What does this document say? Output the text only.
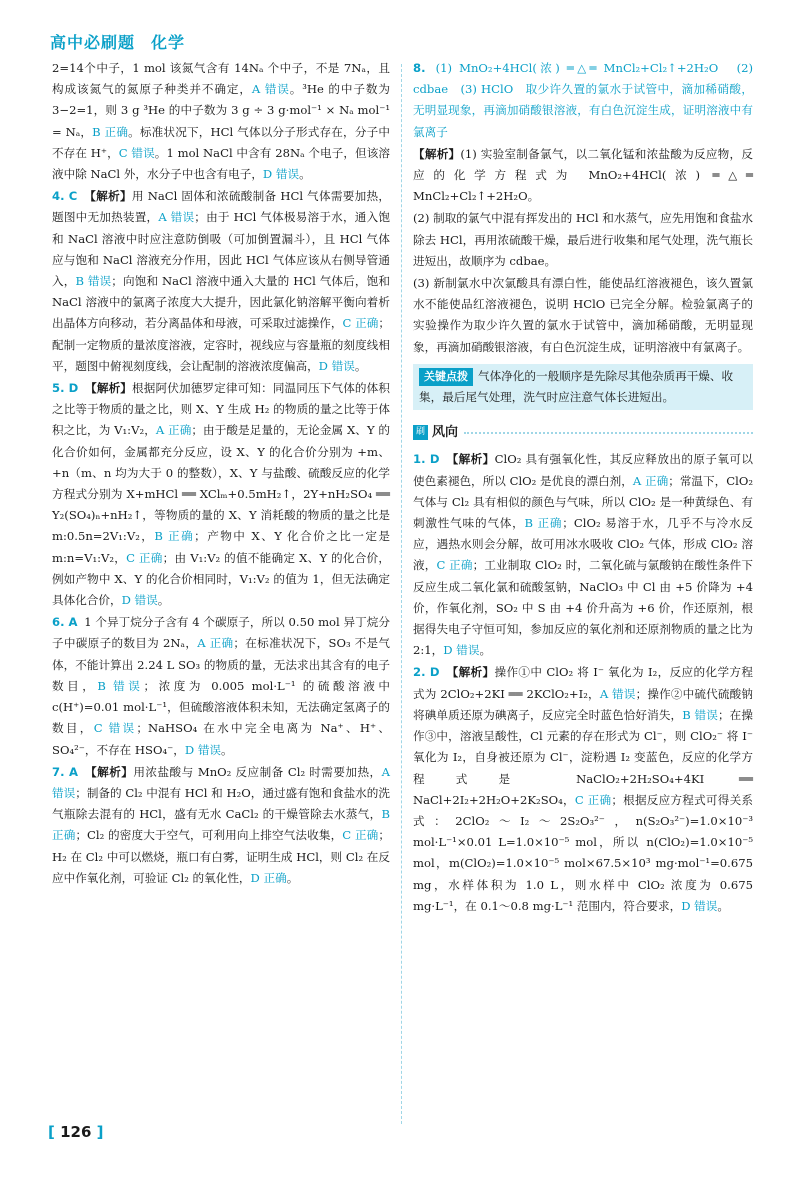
高中必刷题 化学

2=14个中子，1 mol 该氮气含有 14Nₐ 个中子，不是 7Nₐ，且构成该氮气的氮原子种类并不确定，A 错误。³He 的中子数为 3−2=1，则 3 g ³He 的中子数为 3 g ÷ 3 g·mol⁻¹ × Nₐ mol⁻¹ = Nₐ，B 正确。标准状况下，HCl 气体以分子形式存在，分子中不存在 H⁺，C 错误。1 mol NaCl 中含有 28Nₐ 个电子，但该溶液中除 NaCl 外，水分子中也含有电子，D 错误。

4. C 【解析】用 NaCl 固体和浓硫酸制备 HCl 气体需要加热，题图中无加热装置，A 错误；由于 HCl 气体极易溶于水，通入饱和 NaCl 溶液中时应注意防倒吸（可加倒置漏斗），且 HCl 气体应与饱和 NaCl 溶液充分作用，因此 HCl 气体应该从右侧导管通入，B 错误；向饱和 NaCl 溶液中通入大量的 HCl 气体后，饱和 NaCl 溶液中的氯离子浓度大大提升，因此氯化钠溶解平衡向着析出晶体方向移动，若分离晶体和母液，可采取过滤操作，C 正确；配制一定物质的量浓度溶液，定容时，视线应与容量瓶的刻度线相平，题图中俯视刻度线，会让配制的溶液浓度偏高，D 错误。

5. D 【解析】根据阿伏加德罗定律可知：同温同压下气体的体积之比等于物质的量之比，则 X、Y 生成 H₂ 的物质的量之比等于体积之比，为 V₁:V₂，A 正确；由于酸是足量的，无论金属 X、Y 的化合价如何，金属都充分反应，设 X、Y 的化合价分别为 +m、+n（m、n 均为大于 0 的整数），X、Y 与盐酸、硫酸反应的化学方程式分别为 X+mHCl ══ XClₘ+0.5mH₂↑，2Y+nH₂SO₄ ══ Y₂(SO₄)ₙ+nH₂↑，等物质的量的 X、Y 消耗酸的物质的量之比是 m:0.5n=2V₁:V₂，B 正确；产物中 X、Y 化合价之比一定是 m:n=V₁:V₂，C 正确；由 V₁:V₂ 的值不能确定 X、Y 的化合价，例如产物中 X、Y 的化合价相同时，V₁:V₂ 的值为 1，但无法确定具体化合价，D 错误。

6. A 1 个异丁烷分子含有 4 个碳原子，所以 0.50 mol 异丁烷分子中碳原子的数目为 2Nₐ，A 正确；在标准状况下，SO₃ 不是气体，不能计算出 2.24 L SO₃ 的物质的量，无法求出其含有的电子数目，B 错误；浓度为 0.005 mol·L⁻¹ 的硫酸溶液中 c(H⁺)=0.01 mol·L⁻¹，但硫酸溶液体积未知，无法确定氢离子的数目，C 错误；NaHSO₄ 在水中完全电离为 Na⁺、H⁺、SO₄²⁻，不存在 HSO₄⁻，D 错误。

7. A 【解析】用浓盐酸与 MnO₂ 反应制备 Cl₂ 时需要加热，A 错误；制备的 Cl₂ 中混有 HCl 和 H₂O，通过盛有饱和食盐水的洗气瓶除去混有的 HCl，盛有无水 CaCl₂ 的干燥管除去水蒸气，B 正确；Cl₂ 的密度大于空气，可利用向上排空气法收集，C 正确；H₂ 在 Cl₂ 中可以燃烧，瓶口有白雾，证明生成 HCl，则 Cl₂ 在反应中作氧化剂，可验证 Cl₂ 的氧化性，D 正确。

8. (1) MnO₂+4HCl(浓) ═△═ MnCl₂+Cl₂↑+2H₂O　(2) cdbae　(3) HClO　取少许久置的氯水于试管中，滴加稀硝酸，无明显现象，再滴加硝酸银溶液，有白色沉淀生成，证明溶液中有氯离子

【解析】(1) 实验室制备氯气，以二氧化锰和浓盐酸为反应物，反应的化学方程式为 MnO₂+4HCl(浓) ═△═ MnCl₂+Cl₂↑+2H₂O。

(2) 制取的氯气中混有挥发出的 HCl 和水蒸气，应先用饱和食盐水除去 HCl，再用浓硫酸干燥，最后进行收集和尾气处理，洗气瓶长进短出，故顺序为 cdbae。

(3) 新制氯水中次氯酸具有漂白性，能使品红溶液褪色，该久置氯水不能使品红溶液褪色，说明 HClO 已完全分解。检验氯离子的实验操作为取少许久置的氯水于试管中，滴加稀硝酸，无明显现象，再滴加硝酸银溶液，有白色沉淀生成，证明溶液中有氯离子。

关键点拨 气体净化的一般顺序是先除尽其他杂质再干燥、收集，最后尾气处理，洗气时应注意气体长进短出。
刷 风向

1. D 【解析】ClO₂ 具有强氧化性，其反应释放出的原子氧可以使色素褪色，所以 ClO₂ 是优良的漂白剂，A 正确；常温下，ClO₂ 气体与 Cl₂ 具有相似的颜色与气味，所以 ClO₂ 是一种黄绿色、有刺激性气味的气体，B 正确；ClO₂ 易溶于水，几乎不与冷水反应，遇热水则会分解，故可用冰水吸收 ClO₂ 气体，形成 ClO₂ 溶液，C 正确；工业制取 ClO₂ 时，二氧化硫与氯酸钠在酸性条件下反应生成二氧化氯和硫酸氢钠，NaClO₃ 中 Cl 由 +5 价降为 +4 价，作氧化剂，SO₂ 中 S 由 +4 价升高为 +6 价，作还原剂，根据得失电子守恒可知，参加反应的氧化剂和还原剂物质的量之比为 2:1，D 错误。

2. D 【解析】操作①中 ClO₂ 将 I⁻ 氧化为 I₂，反应的化学方程式为 2ClO₂+2KI ══ 2KClO₂+I₂，A 错误；操作②中硫代硫酸钠将碘单质还原为碘离子，反应完全时蓝色恰好消失，B 错误；在操作③中，溶液呈酸性，Cl 元素的存在形式为 Cl⁻，则 ClO₂⁻ 将 I⁻ 氧化为 I₂，自身被还原为 Cl⁻，淀粉遇 I₂ 变蓝色，反应的化学方程式是 NaClO₂+2H₂SO₄+4KI ══ NaCl+2I₂+2H₂O+2K₂SO₄，C 正确；根据反应方程式可得关系式：2ClO₂～I₂～2S₂O₃²⁻，n(S₂O₃²⁻)=1.0×10⁻³ mol·L⁻¹×0.01 L=1.0×10⁻⁵ mol，所以 n(ClO₂)=1.0×10⁻⁵ mol，m(ClO₂)=1.0×10⁻⁵ mol×67.5×10³ mg·mol⁻¹=0.675 mg，水样体积为 1.0 L，则水样中 ClO₂ 浓度为 0.675 mg·L⁻¹，在 0.1～0.8 mg·L⁻¹ 范围内，符合要求，D 错误。

[ 126 ]
